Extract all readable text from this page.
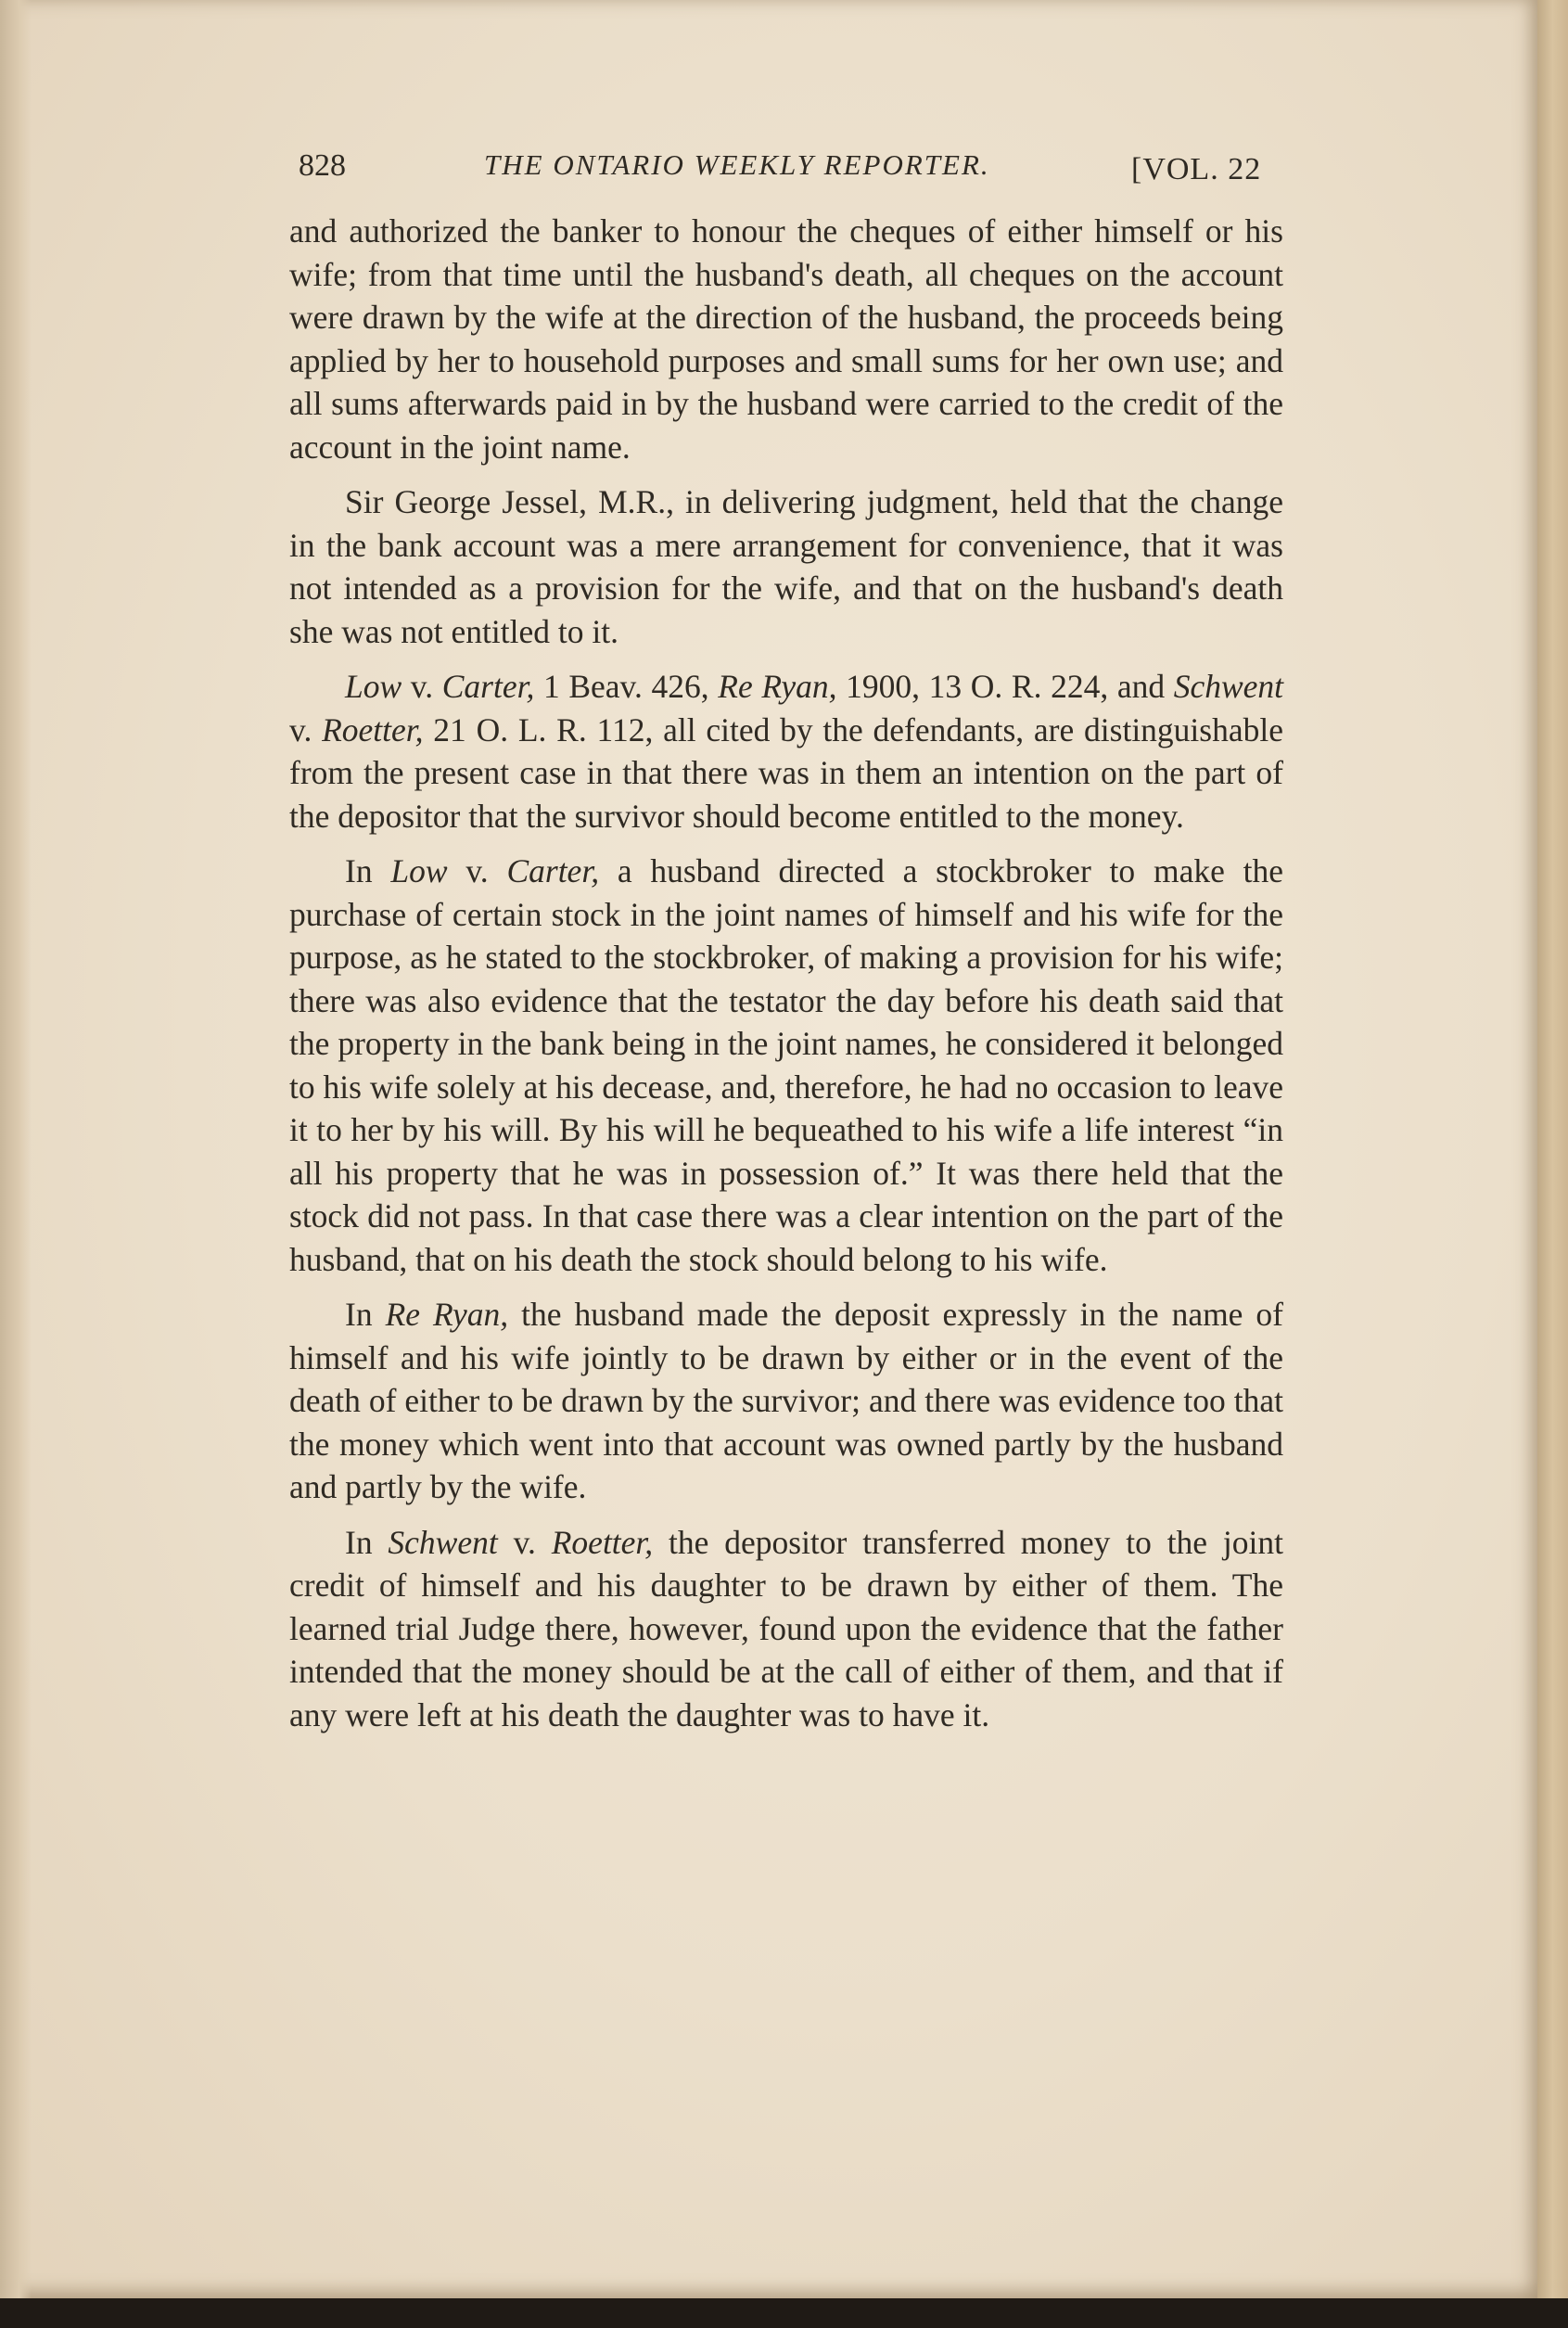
828	THE ONTARIO WEEKLY REPORTER.	[VOL. 22

and authorized the banker to honour the cheques of either himself or his wife; from that time until the husband's death, all cheques on the account were drawn by the wife at the direction of the husband, the proceeds being applied by her to household purposes and small sums for her own use; and all sums afterwards paid in by the husband were carried to the credit of the account in the joint name.

Sir George Jessel, M.R., in delivering judgment, held that the change in the bank account was a mere arrangement for convenience, that it was not intended as a provision for the wife, and that on the husband's death she was not entitled to it.

Low v. Carter, 1 Beav. 426, Re Ryan, 1900, 13 O. R. 224, and Schwent v. Roetter, 21 O. L. R. 112, all cited by the defendants, are distinguishable from the present case in that there was in them an intention on the part of the depositor that the survivor should become entitled to the money.

In Low v. Carter, a husband directed a stockbroker to make the purchase of certain stock in the joint names of himself and his wife for the purpose, as he stated to the stockbroker, of making a provision for his wife; there was also evidence that the testator the day before his death said that the property in the bank being in the joint names, he considered it belonged to his wife solely at his decease, and, therefore, he had no occasion to leave it to her by his will. By his will he bequeathed to his wife a life interest “in all his property that he was in possession of.” It was there held that the stock did not pass. In that case there was a clear intention on the part of the husband, that on his death the stock should belong to his wife.

In Re Ryan, the husband made the deposit expressly in the name of himself and his wife jointly to be drawn by either or in the event of the death of either to be drawn by the survivor; and there was evidence too that the money which went into that account was owned partly by the husband and partly by the wife.

In Schwent v. Roetter, the depositor transferred money to the joint credit of himself and his daughter to be drawn by either of them. The learned trial Judge there, however, found upon the evidence that the father intended that the money should be at the call of either of them, and that if any were left at his death the daughter was to have it.
